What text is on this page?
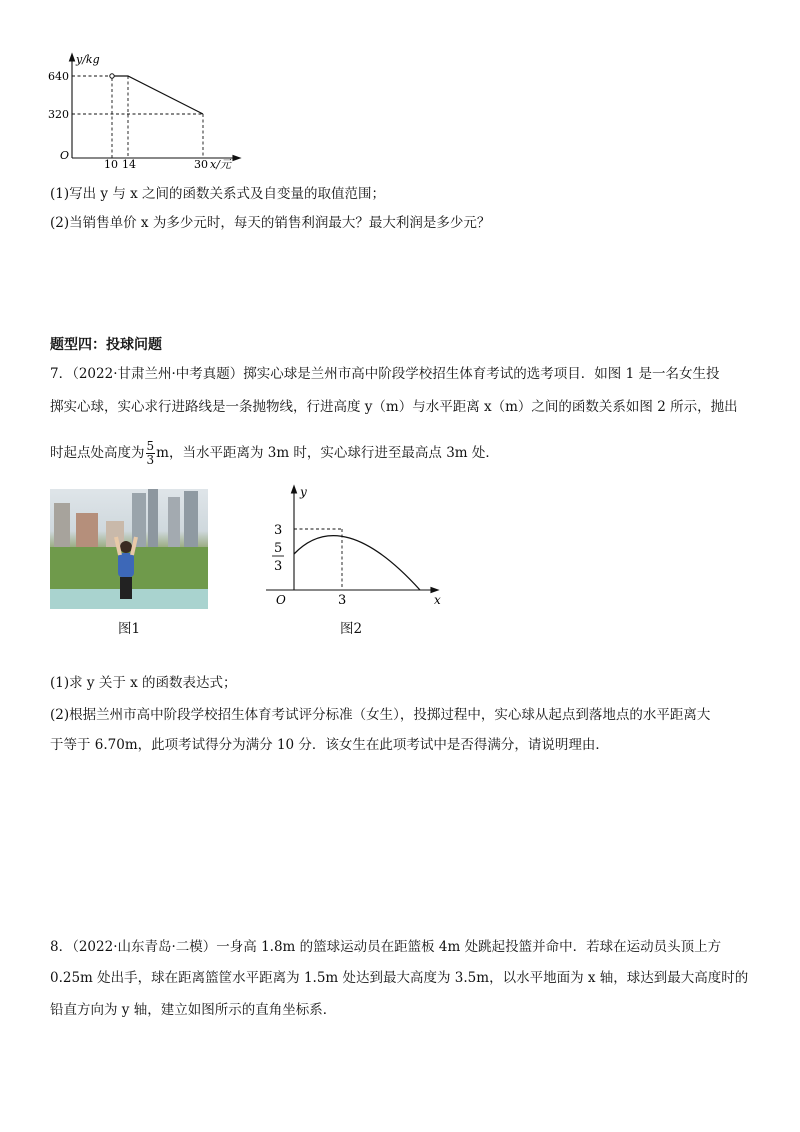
y/kg
640
320
O
10 14	30 x/元
(1)写出 y 与 x 之间的函数关系式及自变量的取值范围；
(2)当销售单价 x 为多少元时，每天的销售利润最大？最大利润是多少元？
题型四：投球问题
7．（2022·甘肃兰州·中考真题）掷实心球是兰州市高中阶段学校招生体育考试的选考项目．如图 1 是一名女生投
掷实心球，实心求行进路线是一条抛物线，行进高度 y（m）与水平距离 x（m）之间的函数关系如图 2 所示，抛出
时起点处高度为 $\frac{5}{3}$ m，当水平距离为 3m 时，实心球行进至最高点 3m 处．
图1
y
3
5
3
O	3	x
图2
(1)求 y 关于 x 的函数表达式；
(2)根据兰州市高中阶段学校招生体育考试评分标准（女生），投掷过程中，实心球从起点到落地点的水平距离大
于等于 6.70m，此项考试得分为满分 10 分．该女生在此项考试中是否得满分，请说明理由．
8．（2022·山东青岛·二模）一身高 1.8m 的篮球运动员在距篮板 4m 处跳起投篮并命中．若球在运动员头顶上方
0.25m 处出手，球在距离篮筐水平距离为 1.5m 处达到最大高度为 3.5m，以水平地面为 x 轴，球达到最大高度时的
铅直方向为 y 轴，建立如图所示的直角坐标系．
